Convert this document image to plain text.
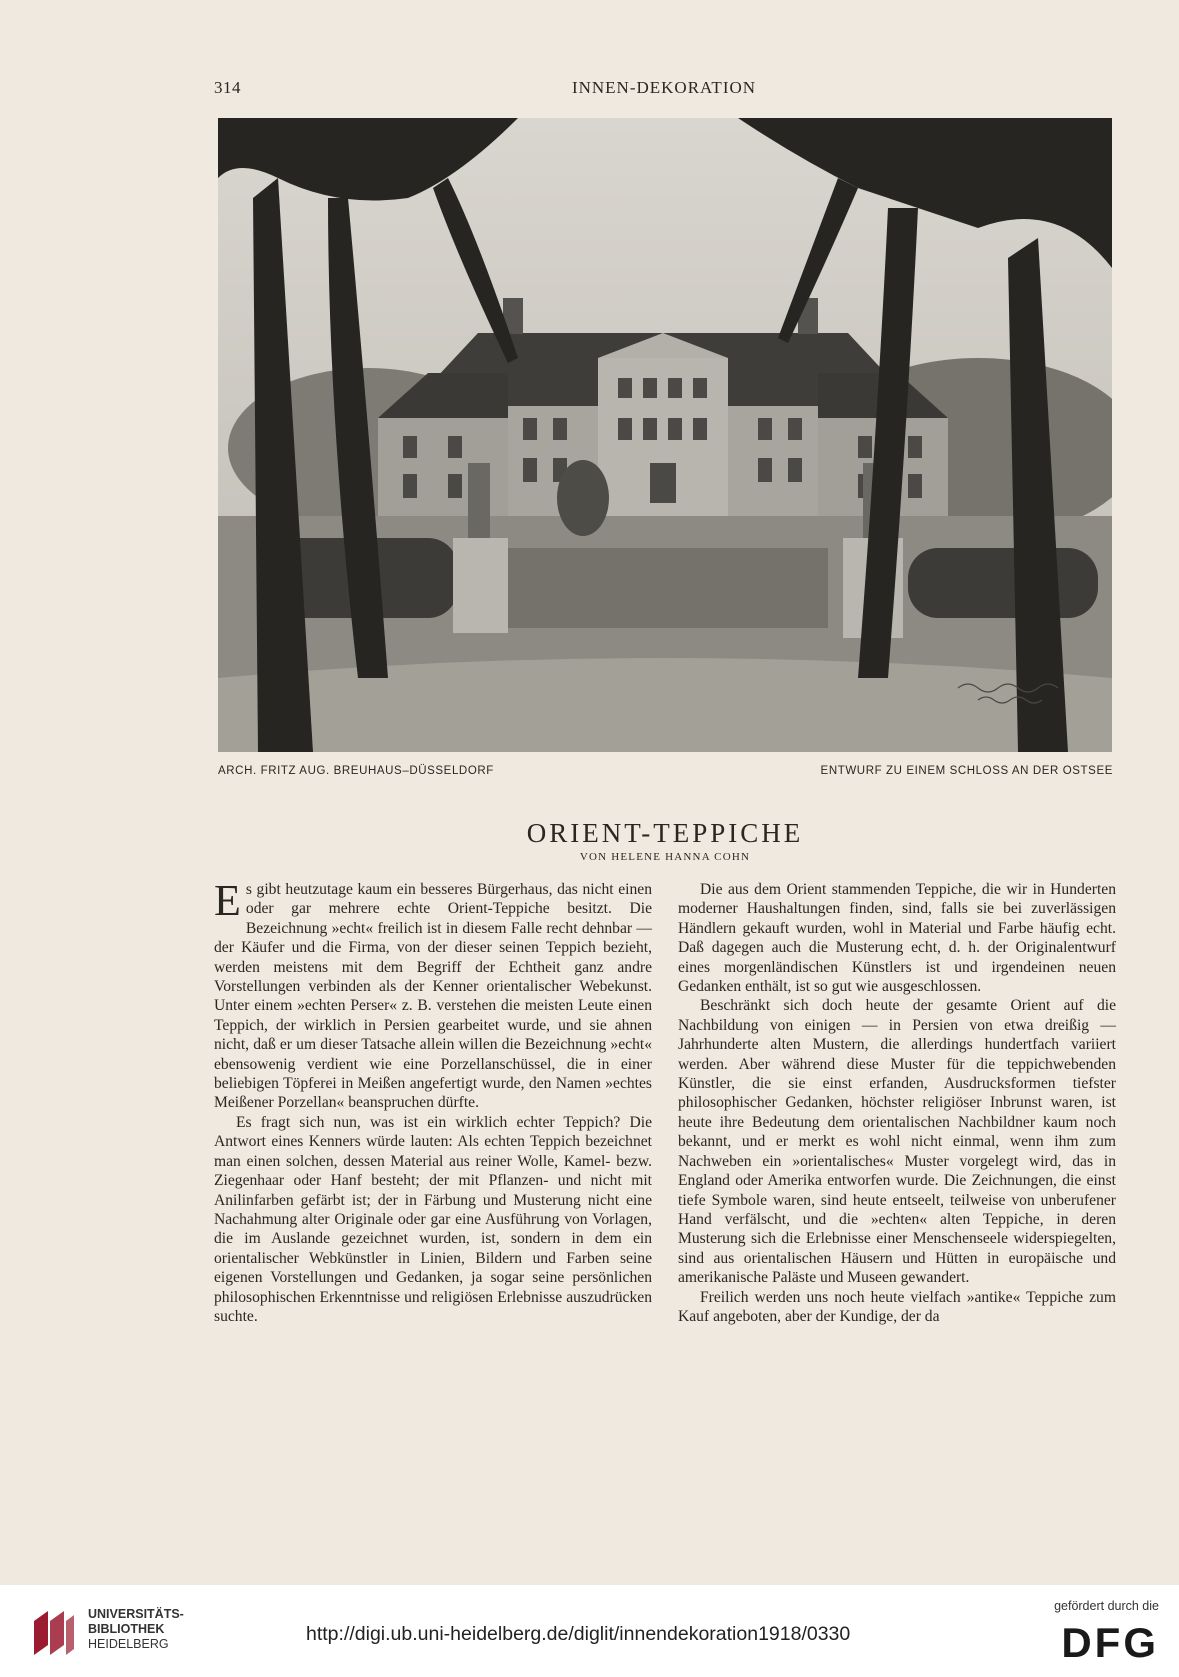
314	INNEN-DEKORATION
ARCH. FRITZ AUG. BREUHAUS–DÜSSELDORF	ENTWURF ZU EINEM SCHLOSS AN DER OSTSEE
ORIENT-TEPPICHE
VON HELENE HANNA COHN

Es gibt heutzutage kaum ein besseres Bürgerhaus, das nicht einen oder gar mehrere echte Orient-Teppiche besitzt. Die Bezeichnung »echt« freilich ist in diesem Falle recht dehnbar — der Käufer und die Firma, von der dieser seinen Teppich bezieht, werden meistens mit dem Begriff der Echtheit ganz andre Vorstellungen verbinden als der Kenner orientalischer Webekunst. Unter einem »echten Perser« z. B. verstehen die meisten Leute einen Teppich, der wirklich in Persien gearbeitet wurde, und sie ahnen nicht, daß er um dieser Tatsache allein willen die Bezeichnung »echt« ebensowenig verdient wie eine Porzellanschüssel, die in einer beliebigen Töpferei in Meißen angefertigt wurde, den Namen »echtes Meißener Porzellan« beanspruchen dürfte.

Es fragt sich nun, was ist ein wirklich echter Teppich? Die Antwort eines Kenners würde lauten: Als echten Teppich bezeichnet man einen solchen, dessen Material aus reiner Wolle, Kamel- bezw. Ziegenhaar oder Hanf besteht; der mit Pflanzen- und nicht mit Anilinfarben gefärbt ist; der in Färbung und Musterung nicht eine Nachahmung alter Originale oder gar eine Ausführung von Vorlagen, die im Auslande gezeichnet wurden, ist, sondern in dem ein orientalischer Webkünstler in Linien, Bildern und Farben seine eigenen Vorstellungen und Gedanken, ja sogar seine persönlichen philosophischen Erkenntnisse und religiösen Erlebnisse auszudrücken suchte.

Die aus dem Orient stammenden Teppiche, die wir in Hunderten moderner Haushaltungen finden, sind, falls sie bei zuverlässigen Händlern gekauft wurden, wohl in Material und Farbe häufig echt. Daß dagegen auch die Musterung echt, d. h. der Originalentwurf eines morgenländischen Künstlers ist und irgendeinen neuen Gedanken enthält, ist so gut wie ausgeschlossen.

Beschränkt sich doch heute der gesamte Orient auf die Nachbildung von einigen — in Persien von etwa dreißig — Jahrhunderte alten Mustern, die allerdings hundertfach variiert werden. Aber während diese Muster für die teppichwebenden Künstler, die sie einst erfanden, Ausdrucksformen tiefster philosophischer Gedanken, höchster religiöser Inbrunst waren, ist heute ihre Bedeutung dem orientalischen Nachbildner kaum noch bekannt, und er merkt es wohl nicht einmal, wenn ihm zum Nachweben ein »orientalisches« Muster vorgelegt wird, das in England oder Amerika entworfen wurde. Die Zeichnungen, die einst tiefe Symbole waren, sind heute entseelt, teilweise von unberufener Hand verfälscht, und die »echten« alten Teppiche, in deren Musterung sich die Erlebnisse einer Menschenseele widerspiegelten, sind aus orientalischen Häusern und Hütten in europäische und amerikanische Paläste und Museen gewandert.

Freilich werden uns noch heute vielfach »antike« Teppiche zum Kauf angeboten, aber der Kundige, der da

UNIVERSITÄTS-
BIBLIOTHEK
HEIDELBERG	http://digi.ub.uni-heidelberg.de/diglit/innendekoration1918/0330
gefördert durch die
DFG
